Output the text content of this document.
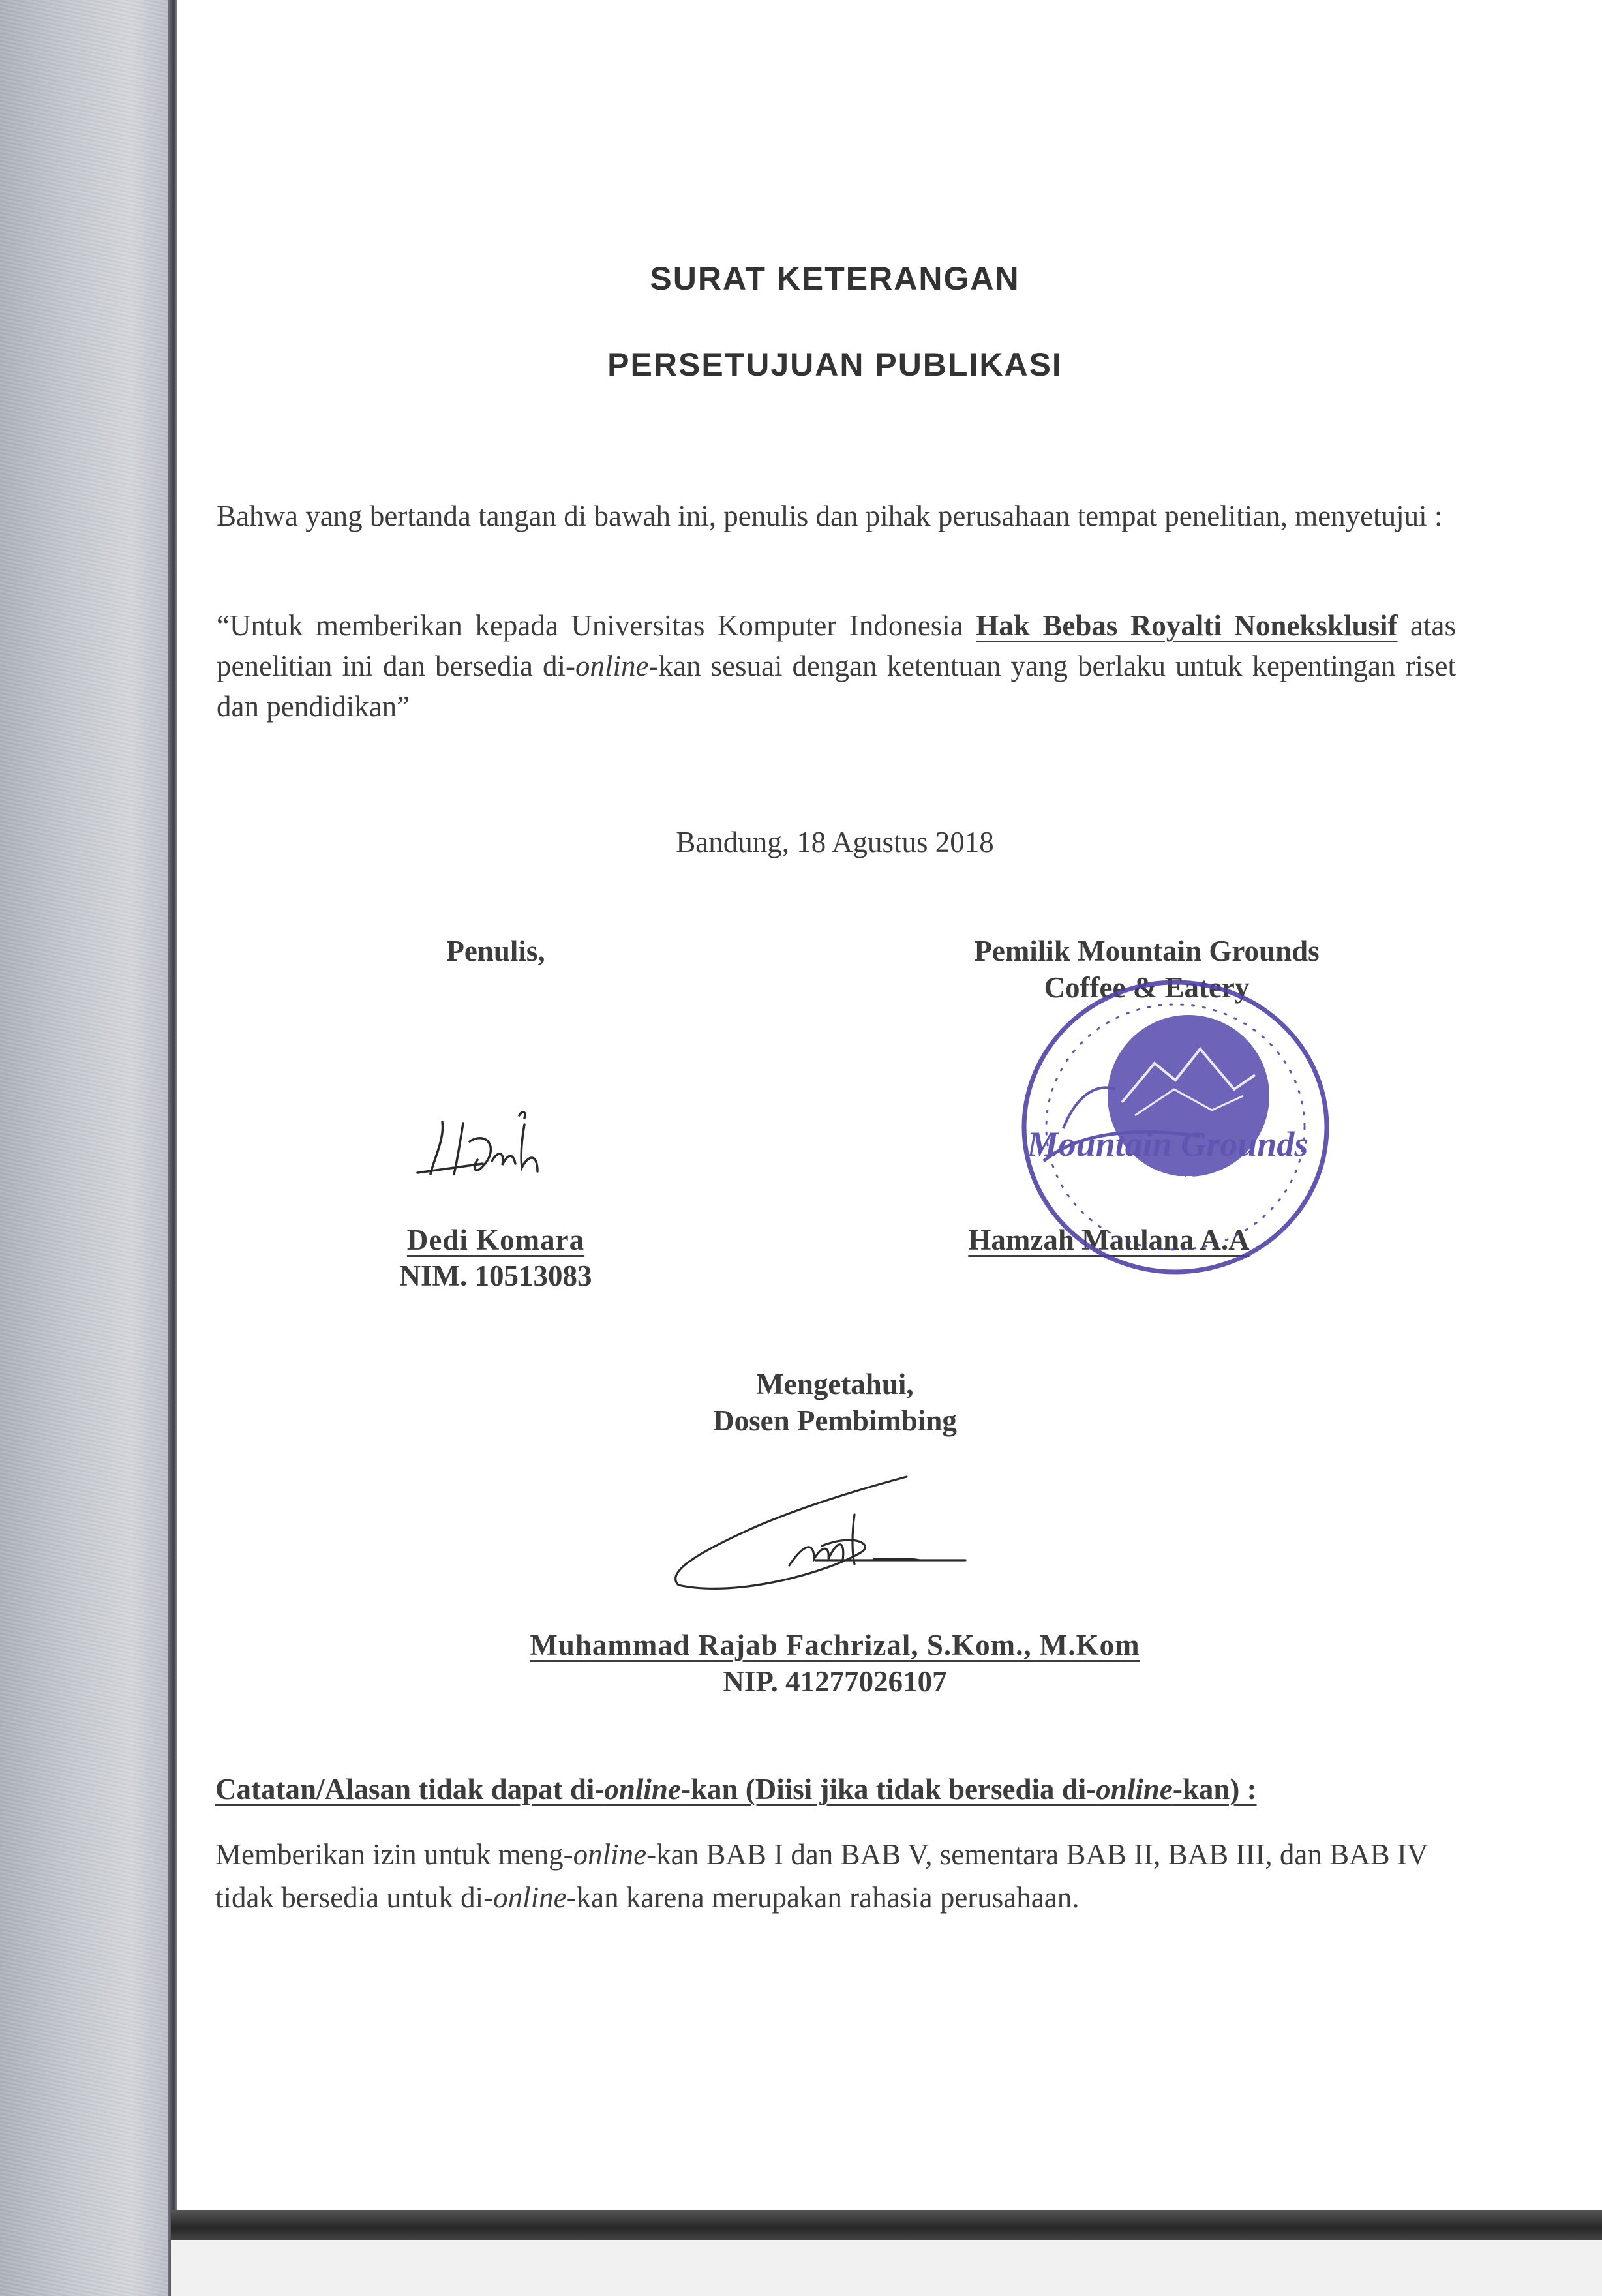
SURAT KETERANGAN
PERSETUJUAN PUBLIKASI

Bahwa yang bertanda tangan di bawah ini, penulis dan pihak perusahaan tempat penelitian, menyetujui :

“Untuk memberikan kepada Universitas Komputer Indonesia Hak Bebas Royalti Noneksklusif atas penelitian ini dan bersedia di-online-kan sesuai dengan ketentuan yang berlaku untuk kepentingan riset dan pendidikan”

Bandung, 18 Agustus 2018

Penulis,

Dedi Komara

NIM. 10513083

Pemilik Mountain Grounds

Coffee & Eatery

Hamzah Maulana A.A

Mountain Grounds
COFFEE & EATERY

Mengetahui,

Dosen Pembimbing

Muhammad Rajab Fachrizal, S.Kom., M.Kom

NIP. 41277026107

Catatan/Alasan tidak dapat di-online-kan (Diisi jika tidak bersedia di-online-kan) :

Memberikan izin untuk meng-online-kan BAB I dan BAB V, sementara BAB II, BAB III, dan BAB IV tidak bersedia untuk di-online-kan karena merupakan rahasia perusahaan.
